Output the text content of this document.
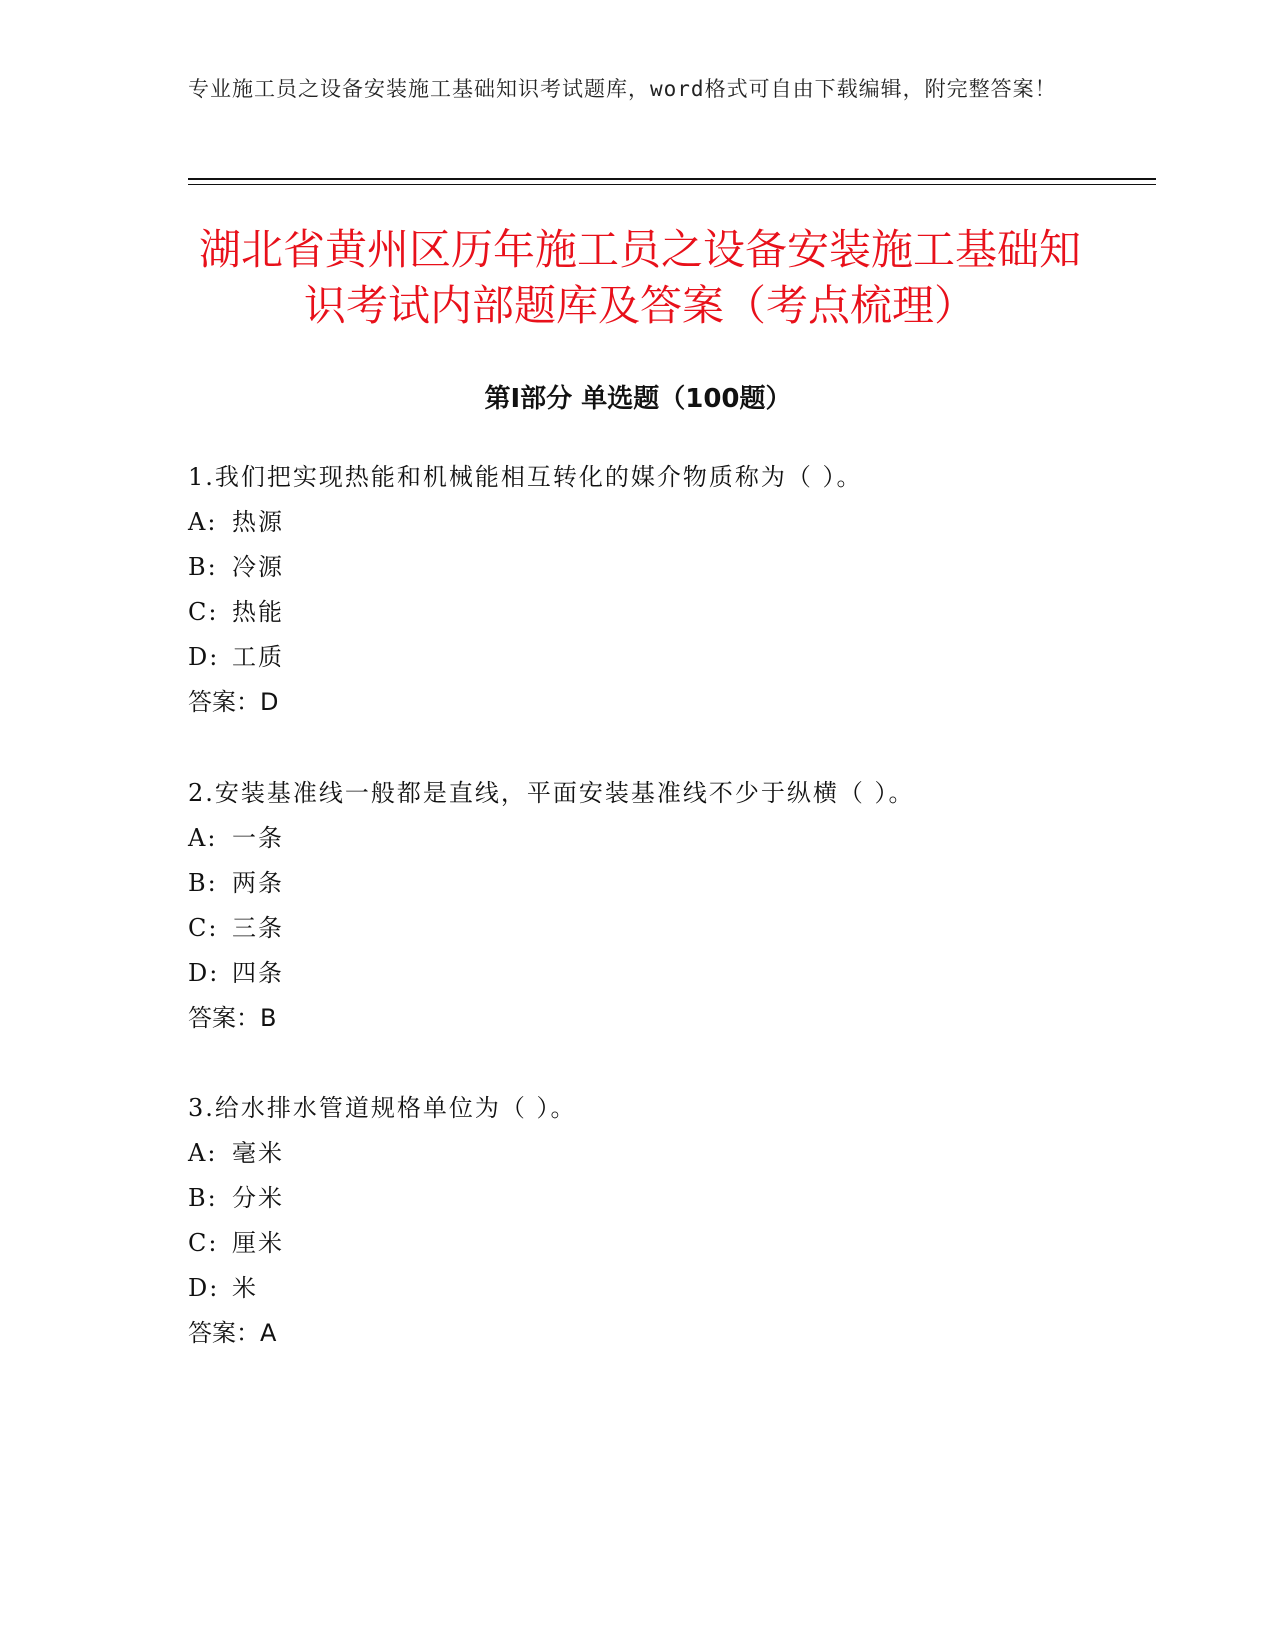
专业施工员之设备安装施工基础知识考试题库，word格式可自由下载编辑，附完整答案！
湖北省黄州区历年施工员之设备安装施工基础知识考试内部题库及答案（考点梳理）
第Ⅰ部分 单选题（100题）
1.我们把实现热能和机械能相互转化的媒介物质称为（ ）。
A: 热源
B: 冷源
C: 热能
D: 工质
答案：D
2.安装基准线一般都是直线，平面安装基准线不少于纵横（ ）。
A: 一条
B: 两条
C: 三条
D: 四条
答案：B
3.给水排水管道规格单位为（ ）。
A: 毫米
B: 分米
C: 厘米
D: 米
答案：A
